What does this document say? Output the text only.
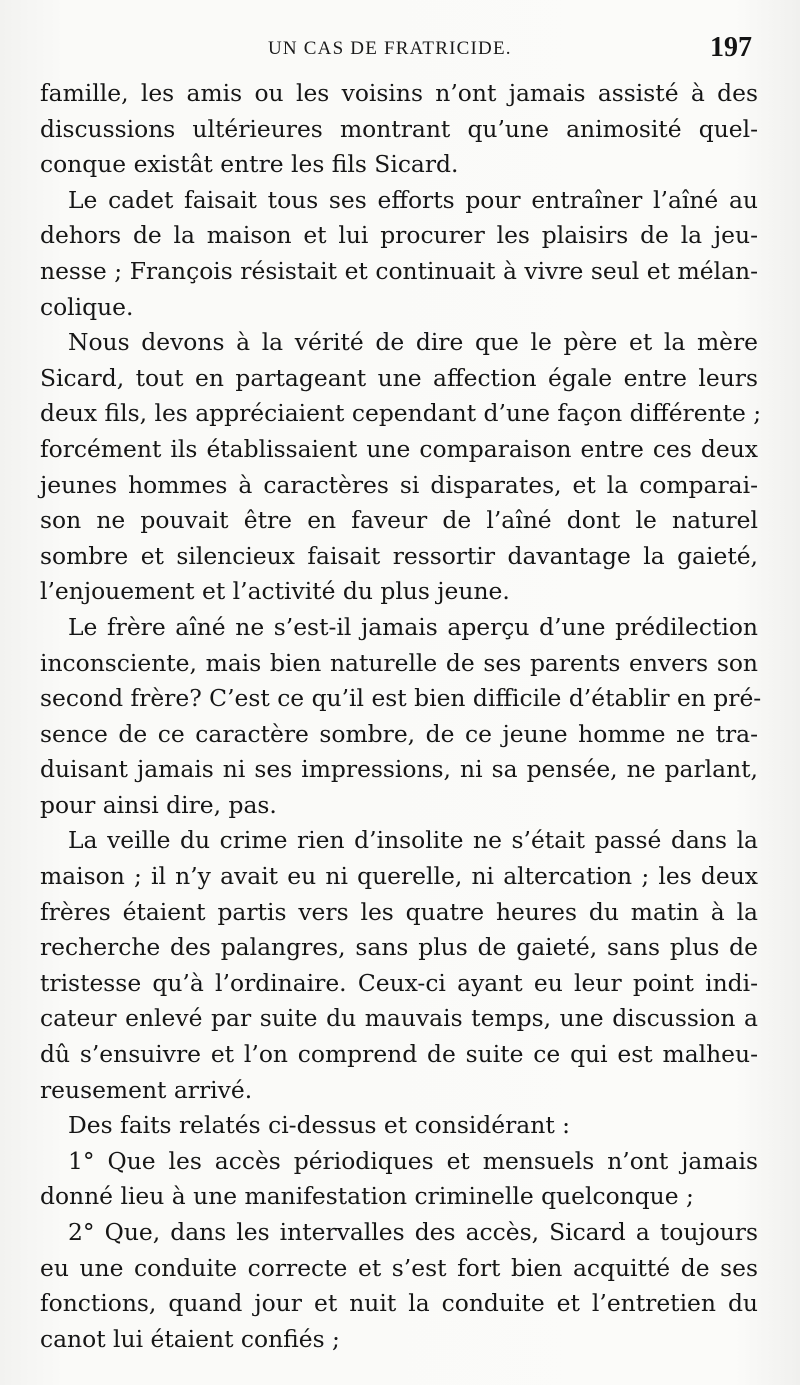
UN CAS DE FRATRICIDE.	197
famille, les amis ou les voisins n’ont jamais assisté à des
discussions ultérieures montrant qu’une animosité quel-
conque existât entre les fils Sicard.
Le cadet faisait tous ses efforts pour entraîner l’aîné au
dehors de la maison et lui procurer les plaisirs de la jeu-
nesse ; François résistait et continuait à vivre seul et mélan-
colique.
Nous devons à la vérité de dire que le père et la mère
Sicard, tout en partageant une affection égale entre leurs
deux fils, les appréciaient cependant d’une façon différente ;
forcément ils établissaient une comparaison entre ces deux
jeunes hommes à caractères si disparates, et la comparai-
son ne pouvait être en faveur de l’aîné dont le naturel
sombre et silencieux faisait ressortir davantage la gaieté,
l’enjouement et l’activité du plus jeune.
Le frère aîné ne s’est-il jamais aperçu d’une prédilection
inconsciente, mais bien naturelle de ses parents envers son
second frère? C’est ce qu’il est bien difficile d’établir en pré-
sence de ce caractère sombre, de ce jeune homme ne tra-
duisant jamais ni ses impressions, ni sa pensée, ne parlant,
pour ainsi dire, pas.
La veille du crime rien d’insolite ne s’était passé dans la
maison ; il n’y avait eu ni querelle, ni altercation ; les deux
frères étaient partis vers les quatre heures du matin à la
recherche des palangres, sans plus de gaieté, sans plus de
tristesse qu’à l’ordinaire. Ceux-ci ayant eu leur point indi-
cateur enlevé par suite du mauvais temps, une discussion a
dû s’ensuivre et l’on comprend de suite ce qui est malheu-
reusement arrivé.
Des faits relatés ci-dessus et considérant :
1° Que les accès périodiques et mensuels n’ont jamais
donné lieu à une manifestation criminelle quelconque ;
2° Que, dans les intervalles des accès, Sicard a toujours
eu une conduite correcte et s’est fort bien acquitté de ses
fonctions, quand jour et nuit la conduite et l’entretien du
canot lui étaient confiés ;
